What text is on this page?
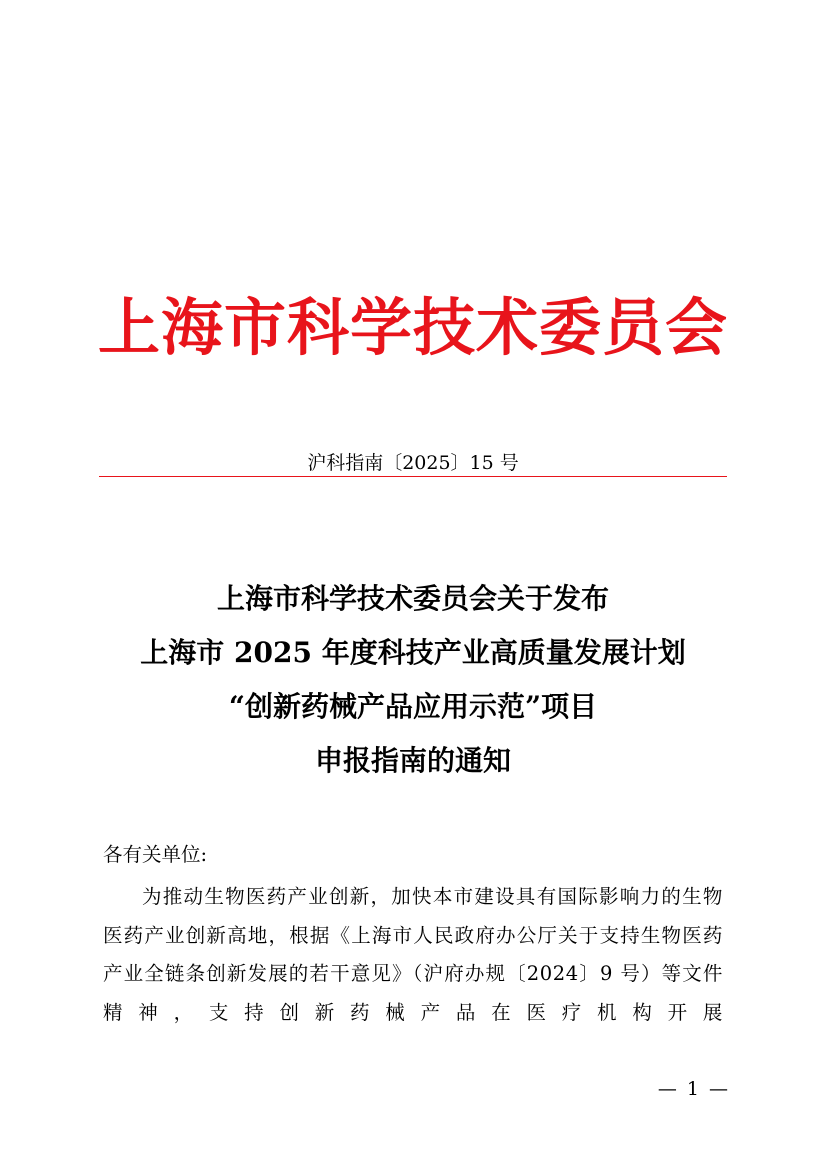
上海市科学技术委员会
沪科指南〔2025〕15 号
上海市科学技术委员会关于发布
上海市 2025 年度科技产业高质量发展计划
“创新药械产品应用示范”项目
申报指南的通知

各有关单位:

为推动生物医药产业创新，加快本市建设具有国际影响力的生物医药产业创新高地，根据《上海市人民政府办公厅关于支持生物医药产业全链条创新发展的若干意见》（沪府办规〔2024〕9 号）等文件精神，支持创新药械产品在医疗机构开展

— 1 —
